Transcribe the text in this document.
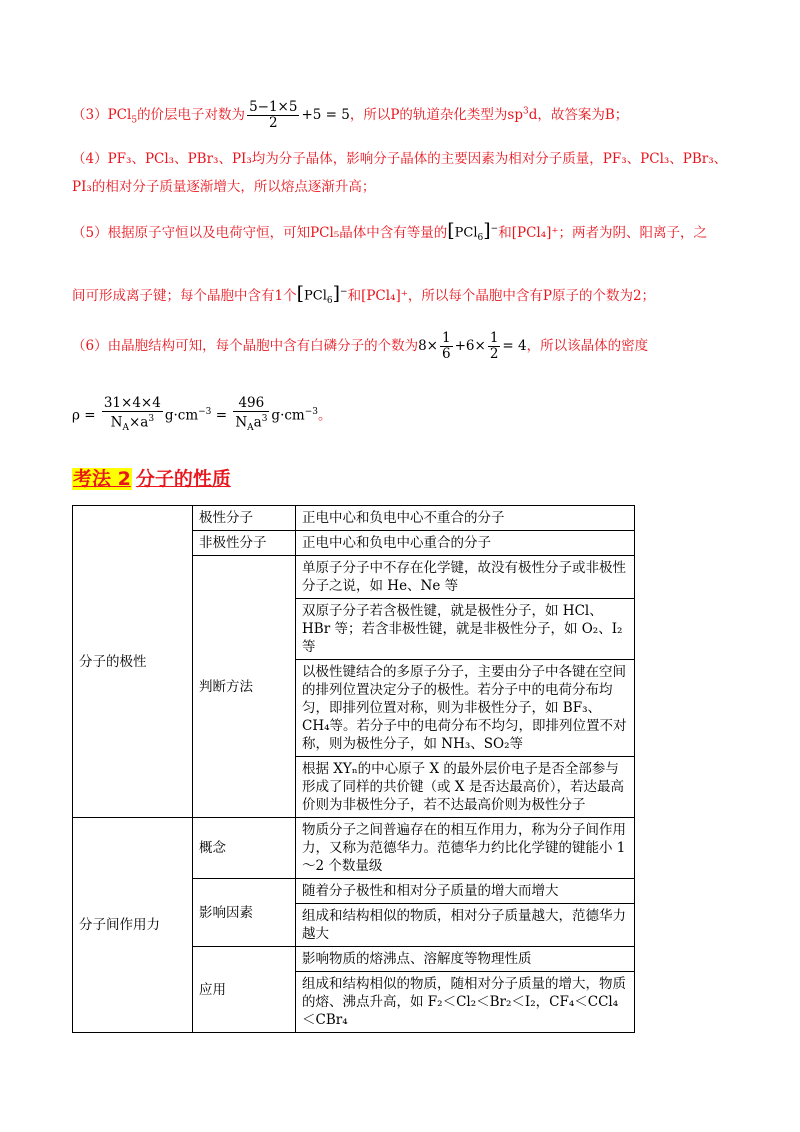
（3）PCl$_5$的价层电子对数为 $\frac{5-1\times 5}{2} +5 = 5$，所以P的轨道杂化类型为$sp^3d$，故答案为B；
（4）PF₃、PCl₃、PBr₃、PI₃均为分子晶体，影响分子晶体的主要因素为相对分子质量，PF₃、PCl₃、PBr₃、
PI₃的相对分子质量逐渐增大，所以熔点逐渐升高；
（5）根据原子守恒以及电荷守恒，可知PCl₅晶体中含有等量的[PCl$_6$]−和[PCl₄]⁺；两者为阴、阳离子，之
间可形成离子键；每个晶胞中含有1个[PCl$_6$]−和[PCl₄]⁺，所以每个晶胞中含有P原子的个数为2；
（6）由晶胞结构可知，每个晶胞中含有白磷分子的个数为$8\times \frac{1}{6} +6\times \frac{1}{2} = 4$，所以该晶体的密度
$\rho = \frac{31\times 4\times 4}{N_A\times a^3} g\cdot cm^{-3} = \frac{496}{N_Aa^3} g\cdot cm^{-3}$。
考法 2 分子的性质
分子的极性	极性分子	正电中心和负电中心不重合的分子
	非极性分子	正电中心和负电中心重合的分子
	判断方法	单原子分子中不存在化学键，故没有极性分子或非极性分子之说，如 He、Ne 等
		双原子分子若含极性键，就是极性分子，如 HCl、HBr 等；若含非极性键，就是非极性分子，如 O₂、I₂ 等
		以极性键结合的多原子分子，主要由分子中各键在空间的排列位置决定分子的极性。若分子中的电荷分布均匀，即排列位置对称，则为非极性分子，如 BF₃、CH₄等。若分子中的电荷分布不均匀，即排列位置不对称，则为极性分子，如 NH₃、SO₂等
		根据 XYₙ的中心原子 X 的最外层价电子是否全部参与形成了同样的共价键（或 X 是否达最高价），若达最高价则为非极性分子，若不达最高价则为极性分子
分子间作用力	概念	物质分子之间普遍存在的相互作用力，称为分子间作用力，又称为范德华力。范德华力约比化学键的键能小 1～2 个数量级
	影响因素	随着分子极性和相对分子质量的增大而增大
		组成和结构相似的物质，相对分子质量越大，范德华力越大
	应用	影响物质的熔沸点、溶解度等物理性质
		组成和结构相似的物质，随相对分子质量的增大，物质的熔、沸点升高，如 F₂＜Cl₂＜Br₂＜I₂，CF₄＜CCl₄＜CBr₄
